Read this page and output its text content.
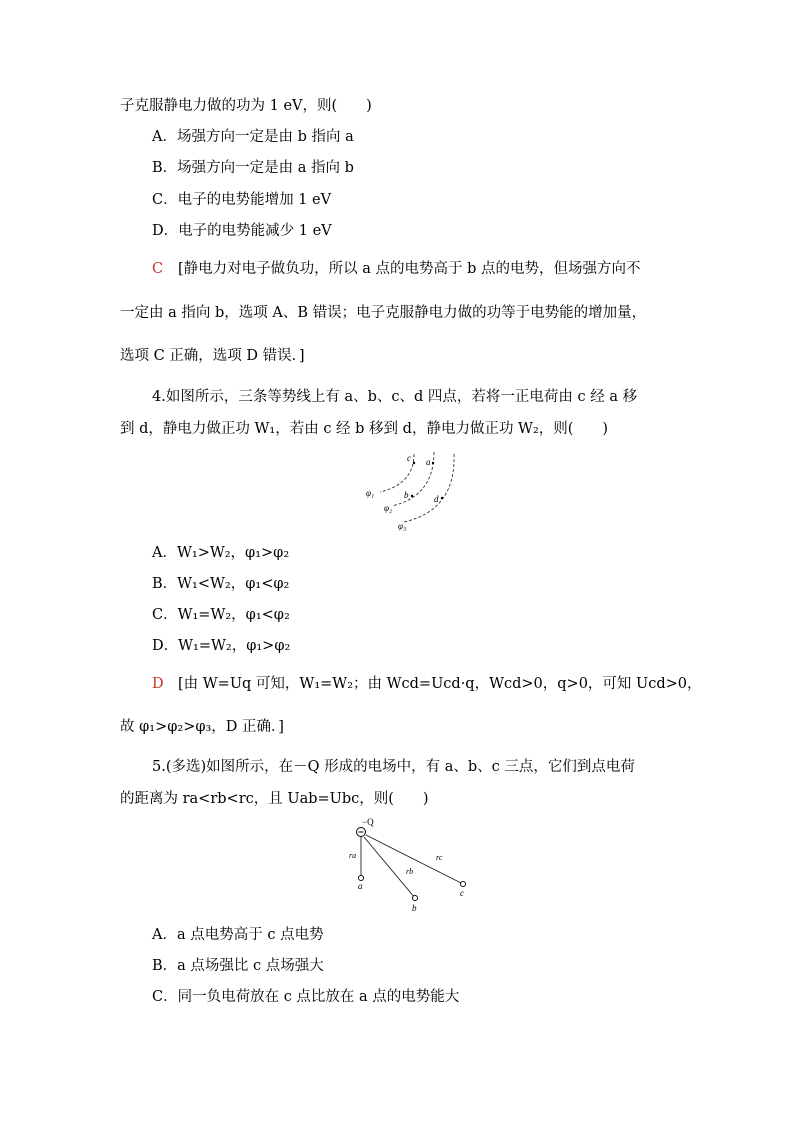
子克服静电力做的功为 1 eV，则(　　)
A．场强方向一定是由 b 指向 a
B．场强方向一定是由 a 指向 b
C．电子的电势能增加 1 eV
D．电子的电势能减少 1 eV
C [静电力对电子做负功，所以 a 点的电势高于 b 点的电势，但场强方向不
一定由 a 指向 b，选项 A、B 错误；电子克服静电力做的功等于电势能的增加量，
选项 C 正确，选项 D 错误．]
4.如图所示，三条等势线上有 a、b、c、d 四点，若将一正电荷由 c 经 a 移
到 d，静电力做正功 W₁，若由 c 经 b 移到 d，静电力做正功 W₂，则(　　)
c a
b	d
φ₁
φ₂
φ₃
A．W₁>W₂，φ₁>φ₂
B．W₁<W₂，φ₁<φ₂
C．W₁=W₂，φ₁<φ₂
D．W₁=W₂，φ₁>φ₂
D [由 W=Uq 可知，W₁=W₂；由 Wcd=Ucd·q，Wcd>0，q>0，可知 Ucd>0，
故 φ₁>φ₂>φ₃，D 正确．]
5.(多选)如图所示，在－Q 形成的电场中，有 a、b、c 三点，它们到点电荷
的距离为 ra<rb<rc，且 Uab=Ubc，则(　　)
−Q
ra
rb
rc
a
b
c
A．a 点电势高于 c 点电势
B．a 点场强比 c 点场强大
C．同一负电荷放在 c 点比放在 a 点的电势能大
